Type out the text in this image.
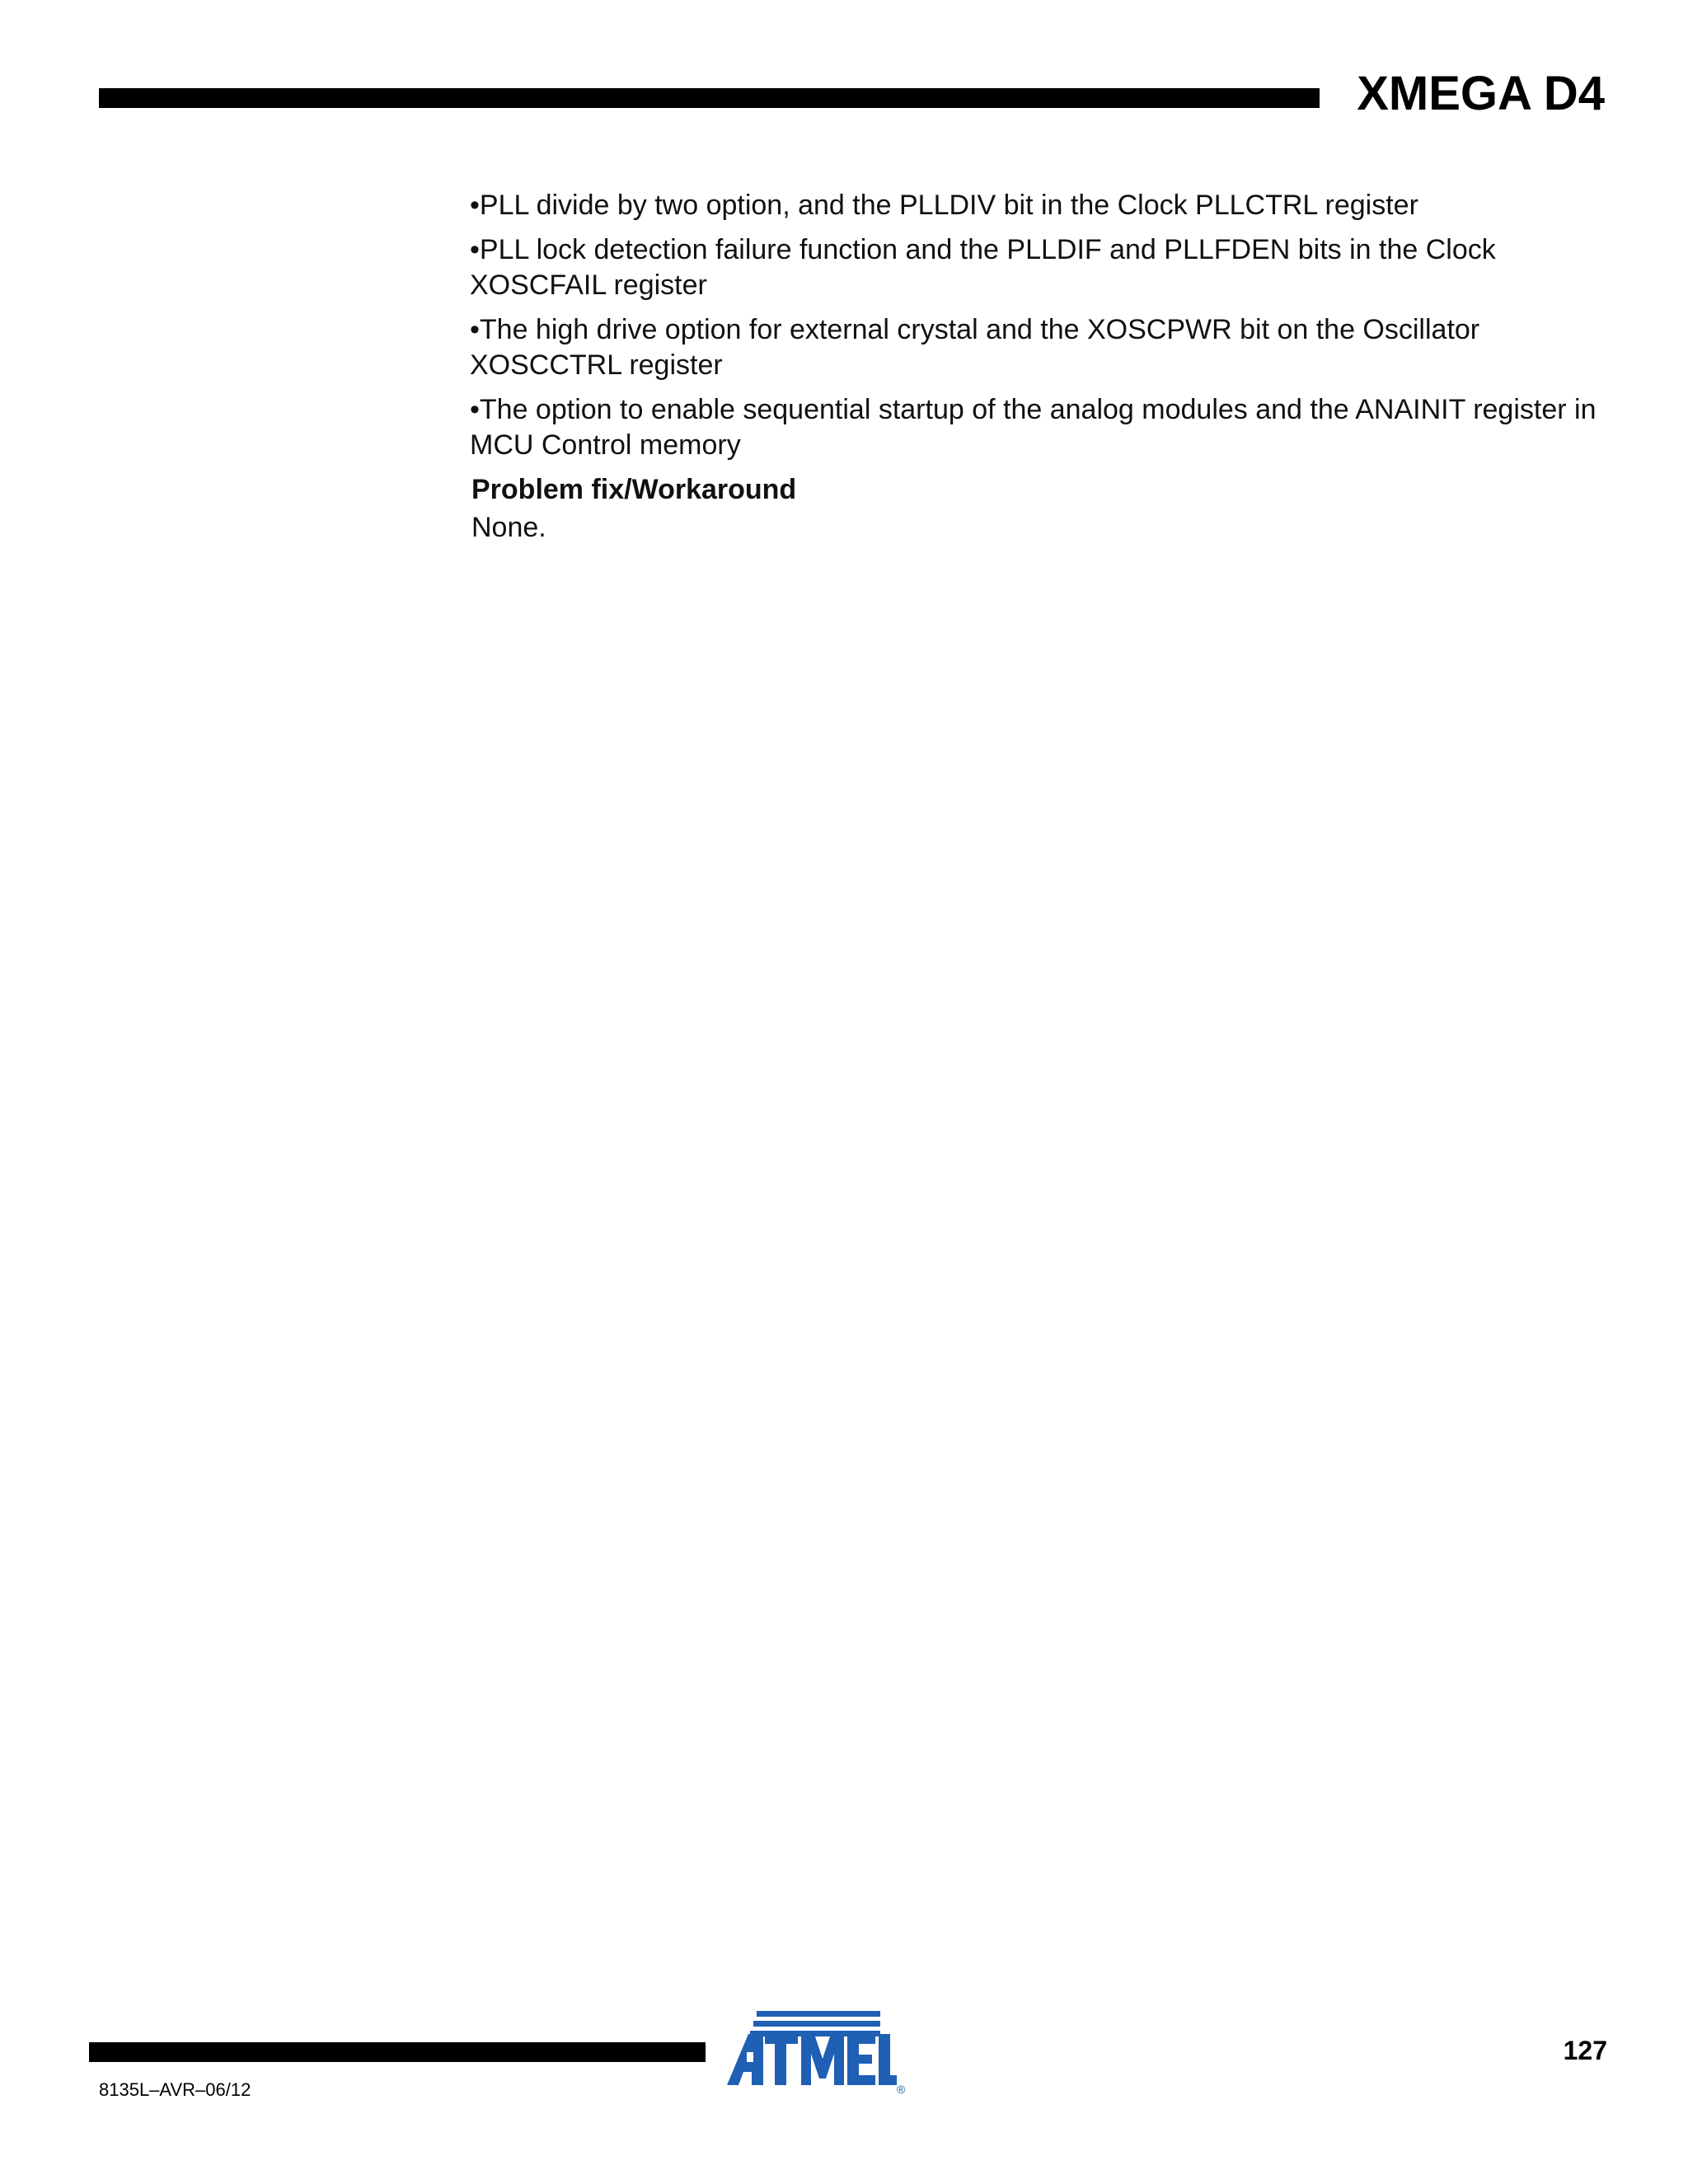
XMEGA D4
•PLL divide by two option, and the PLLDIV bit in the Clock PLLCTRL register
•PLL lock detection failure function and the PLLDIF and PLLFDEN bits in the Clock XOSCFAIL register
•The high drive option for external crystal and the XOSCPWR bit on the Oscillator XOSCCTRL register
•The option to enable sequential startup of the analog modules and the ANAINIT register in MCU Control memory
Problem fix/Workaround
None.
8135L–AVR–06/12
127
®
